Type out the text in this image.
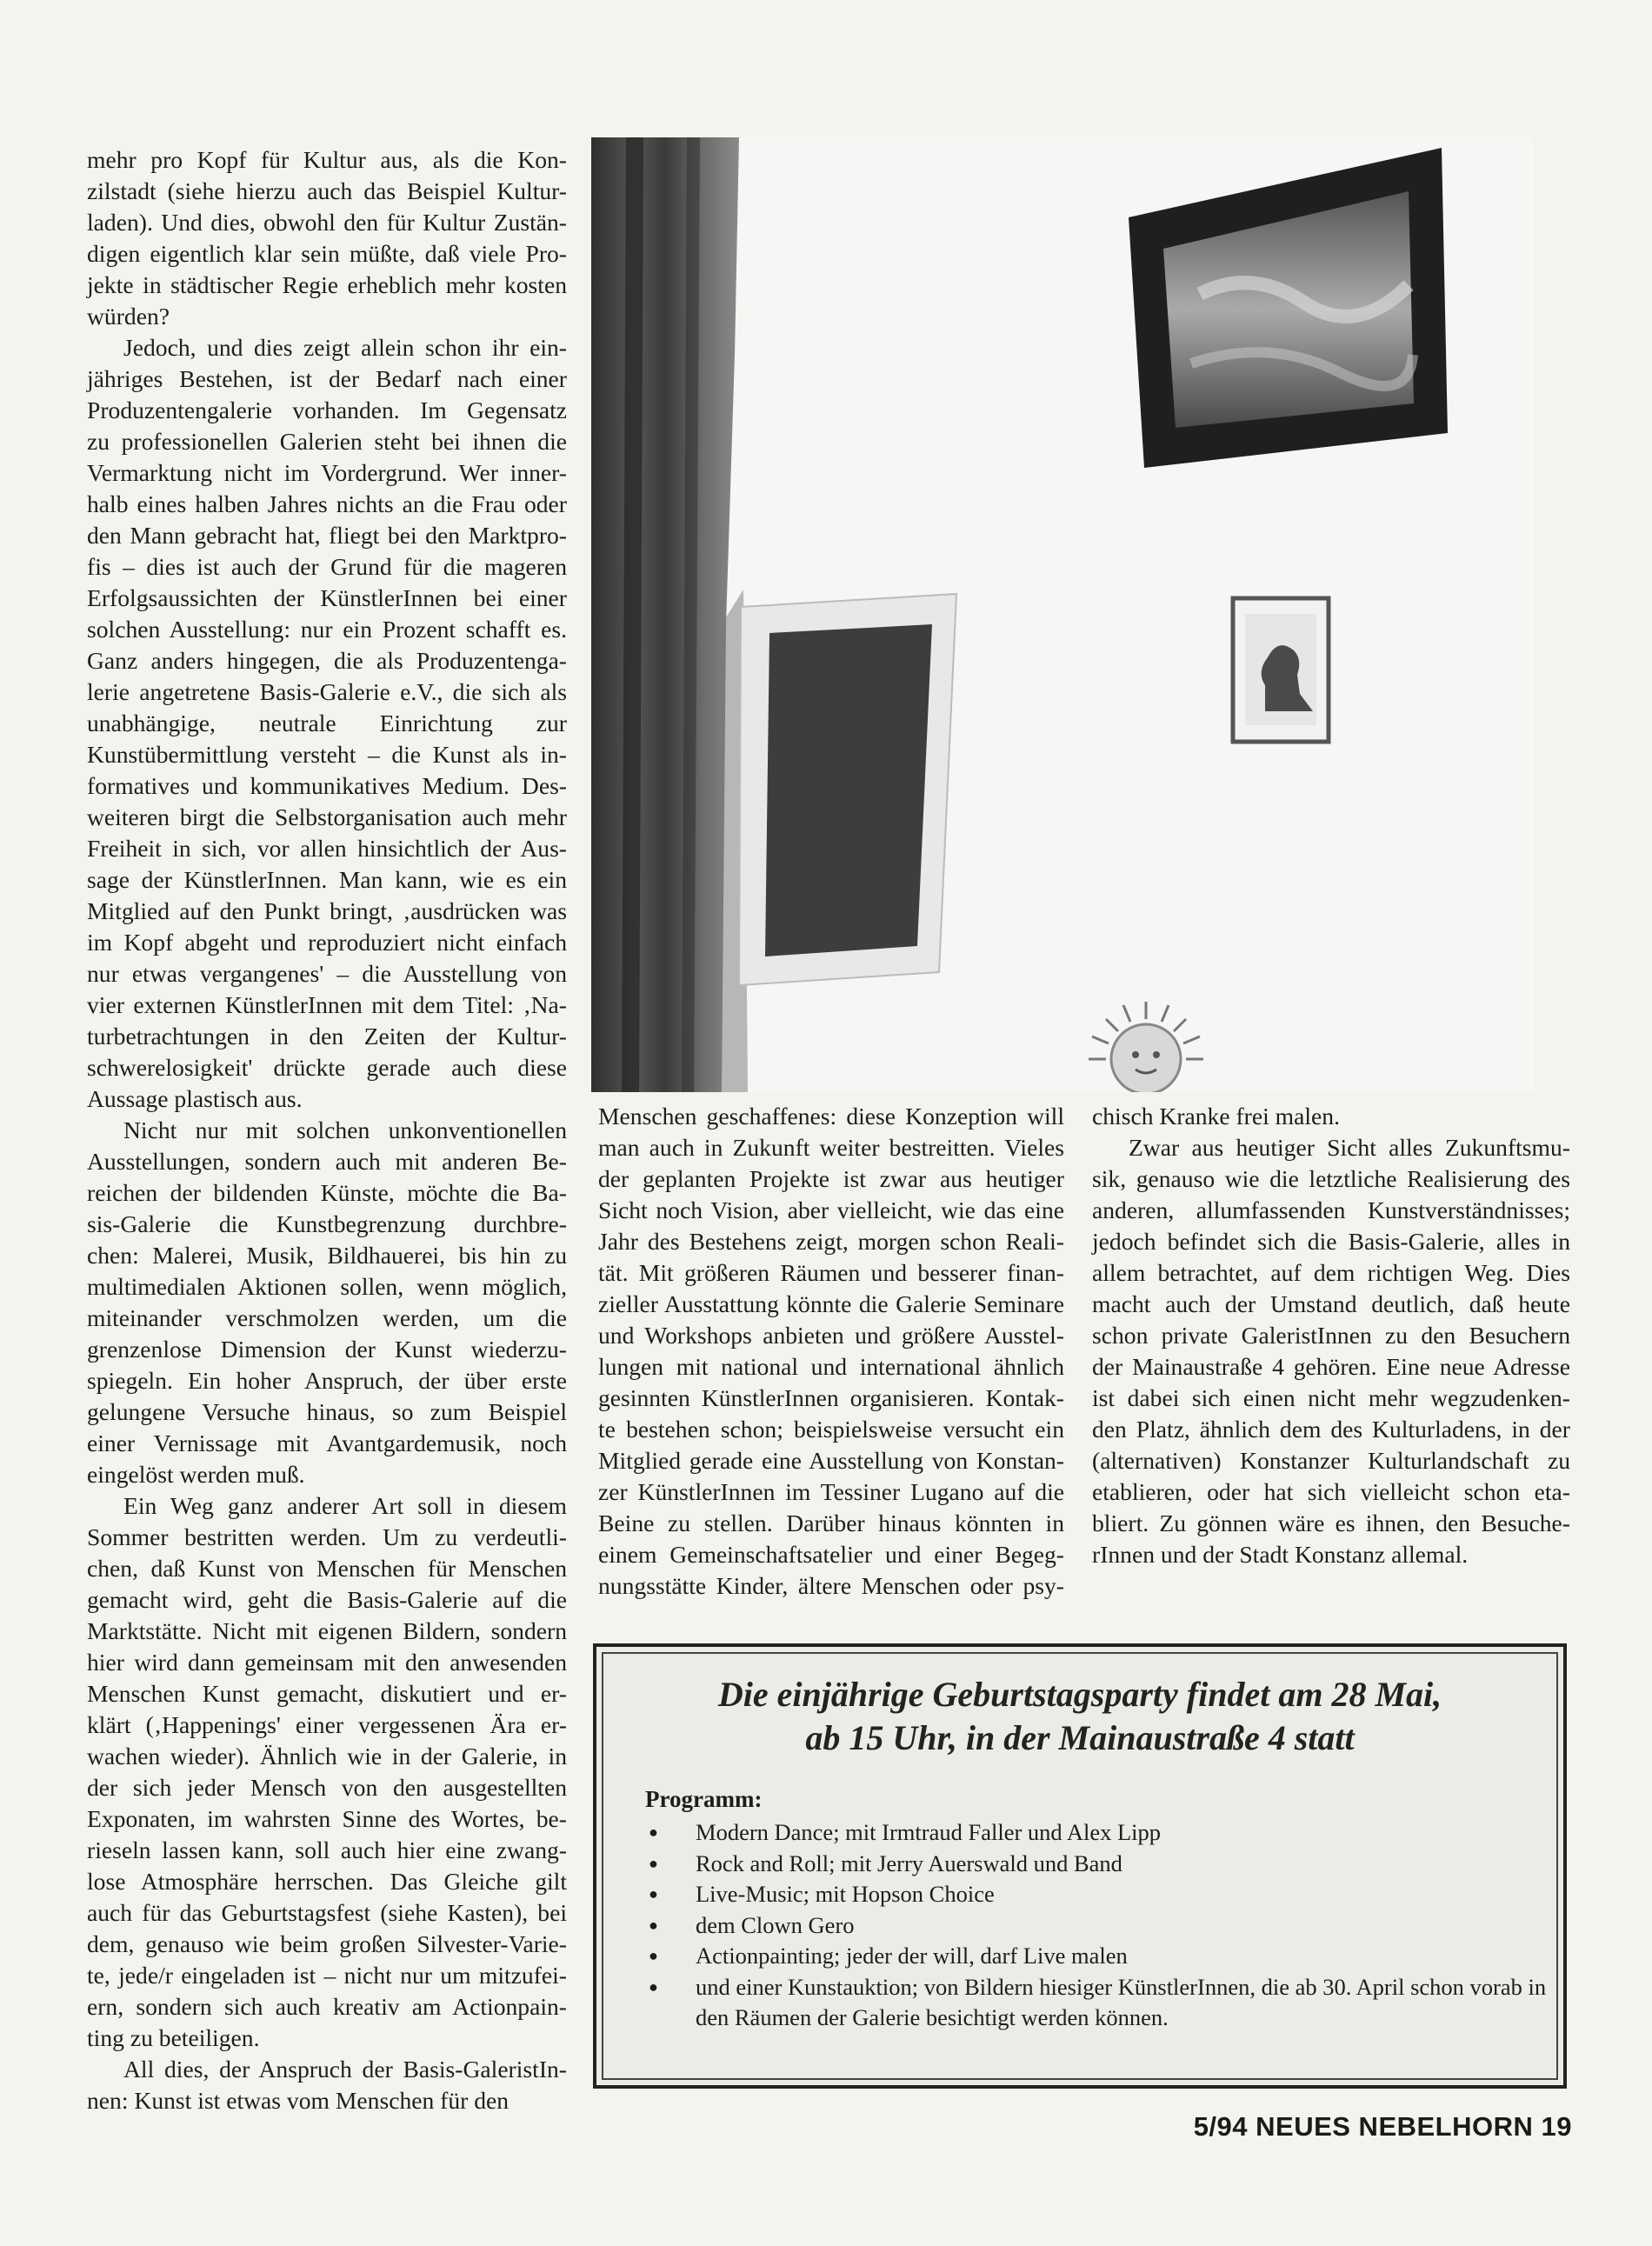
mehr pro Kopf für Kultur aus, als die Kon-
zilstadt (siehe hierzu auch das Beispiel Kultur-
laden). Und dies, obwohl den für Kultur Zustän-
digen eigentlich klar sein müßte, daß viele Pro-
jekte in städtischer Regie erheblich mehr kosten
würden?
Jedoch, und dies zeigt allein schon ihr ein-
jähriges Bestehen, ist der Bedarf nach einer
Produzentengalerie vorhanden. Im Gegensatz
zu professionellen Galerien steht bei ihnen die
Vermarktung nicht im Vordergrund. Wer inner-
halb eines halben Jahres nichts an die Frau oder
den Mann gebracht hat, fliegt bei den Marktpro-
fis – dies ist auch der Grund für die mageren
Erfolgsaussichten der KünstlerInnen bei einer
solchen Ausstellung: nur ein Prozent schafft es.
Ganz anders hingegen, die als Produzentenga-
lerie angetretene Basis-Galerie e.V., die sich als
unabhängige, neutrale Einrichtung zur
Kunstübermittlung versteht – die Kunst als in-
formatives und kommunikatives Medium. Des-
weiteren birgt die Selbstorganisation auch mehr
Freiheit in sich, vor allen hinsichtlich der Aus-
sage der KünstlerInnen. Man kann, wie es ein
Mitglied auf den Punkt bringt, ‚ausdrücken was
im Kopf abgeht und reproduziert nicht einfach
nur etwas vergangenes' – die Ausstellung von
vier externen KünstlerInnen mit dem Titel: ‚Na-
turbetrachtungen in den Zeiten der Kultur-
schwerelosigkeit' drückte gerade auch diese
Aussage plastisch aus.
Nicht nur mit solchen unkonventionellen
Ausstellungen, sondern auch mit anderen Be-
reichen der bildenden Künste, möchte die Ba-
sis-Galerie die Kunstbegrenzung durchbre-
chen: Malerei, Musik, Bildhauerei, bis hin zu
multimedialen Aktionen sollen, wenn möglich,
miteinander verschmolzen werden, um die
grenzenlose Dimension der Kunst wiederzu-
spiegeln. Ein hoher Anspruch, der über erste
gelungene Versuche hinaus, so zum Beispiel
einer Vernissage mit Avantgardemusik, noch
eingelöst werden muß.
Ein Weg ganz anderer Art soll in diesem
Sommer bestritten werden. Um zu verdeutli-
chen, daß Kunst von Menschen für Menschen
gemacht wird, geht die Basis-Galerie auf die
Marktstätte. Nicht mit eigenen Bildern, sondern
hier wird dann gemeinsam mit den anwesenden
Menschen Kunst gemacht, diskutiert und er-
klärt (‚Happenings' einer vergessenen Ära er-
wachen wieder). Ähnlich wie in der Galerie, in
der sich jeder Mensch von den ausgestellten
Exponaten, im wahrsten Sinne des Wortes, be-
rieseln lassen kann, soll auch hier eine zwang-
lose Atmosphäre herrschen. Das Gleiche gilt
auch für das Geburtstagsfest (siehe Kasten), bei
dem, genauso wie beim großen Silvester-Varie-
te, jede/r eingeladen ist – nicht nur um mitzufei-
ern, sondern sich auch kreativ am Actionpain-
ting zu beteiligen.
All dies, der Anspruch der Basis-GaleristIn-
nen: Kunst ist etwas vom Menschen für den
Menschen geschaffenes: diese Konzeption will
man auch in Zukunft weiter bestreitten. Vieles
der geplanten Projekte ist zwar aus heutiger
Sicht noch Vision, aber vielleicht, wie das eine
Jahr des Bestehens zeigt, morgen schon Reali-
tät. Mit größeren Räumen und besserer finan-
zieller Ausstattung könnte die Galerie Seminare
und Workshops anbieten und größere Ausstel-
lungen mit national und international ähnlich
gesinnten KünstlerInnen organisieren. Kontak-
te bestehen schon; beispielsweise versucht ein
Mitglied gerade eine Ausstellung von Konstan-
zer KünstlerInnen im Tessiner Lugano auf die
Beine zu stellen. Darüber hinaus könnten in
einem Gemeinschaftsatelier und einer Begeg-
nungsstätte Kinder, ältere Menschen oder psy-
chisch Kranke frei malen.
Zwar aus heutiger Sicht alles Zukunftsmu-
sik, genauso wie die letztliche Realisierung des
anderen, allumfassenden Kunstverständnisses;
jedoch befindet sich die Basis-Galerie, alles in
allem betrachtet, auf dem richtigen Weg. Dies
macht auch der Umstand deutlich, daß heute
schon private GaleristInnen zu den Besuchern
der Mainaustraße 4 gehören. Eine neue Adresse
ist dabei sich einen nicht mehr wegzudenken-
den Platz, ähnlich dem des Kulturladens, in der
(alternativen) Konstanzer Kulturlandschaft zu
etablieren, oder hat sich vielleicht schon eta-
bliert. Zu gönnen wäre es ihnen, den Besuche-
rInnen und der Stadt Konstanz allemal.
Die einjährige Geburtstagsparty findet am 28 Mai,
ab 15 Uhr, in der Mainaustraße 4 statt
Programm:
● Modern Dance; mit Irmtraud Faller und Alex Lipp
● Rock and Roll; mit Jerry Auerswald und Band
● Live-Music; mit Hopson Choice
● dem Clown Gero
● Actionpainting; jeder der will, darf Live malen
● und einer Kunstauktion; von Bildern hiesiger KünstlerInnen, die ab 30. April schon vorab in den Räumen der Galerie besichtigt werden können.
5/94 NEUES NEBELHORN 19
